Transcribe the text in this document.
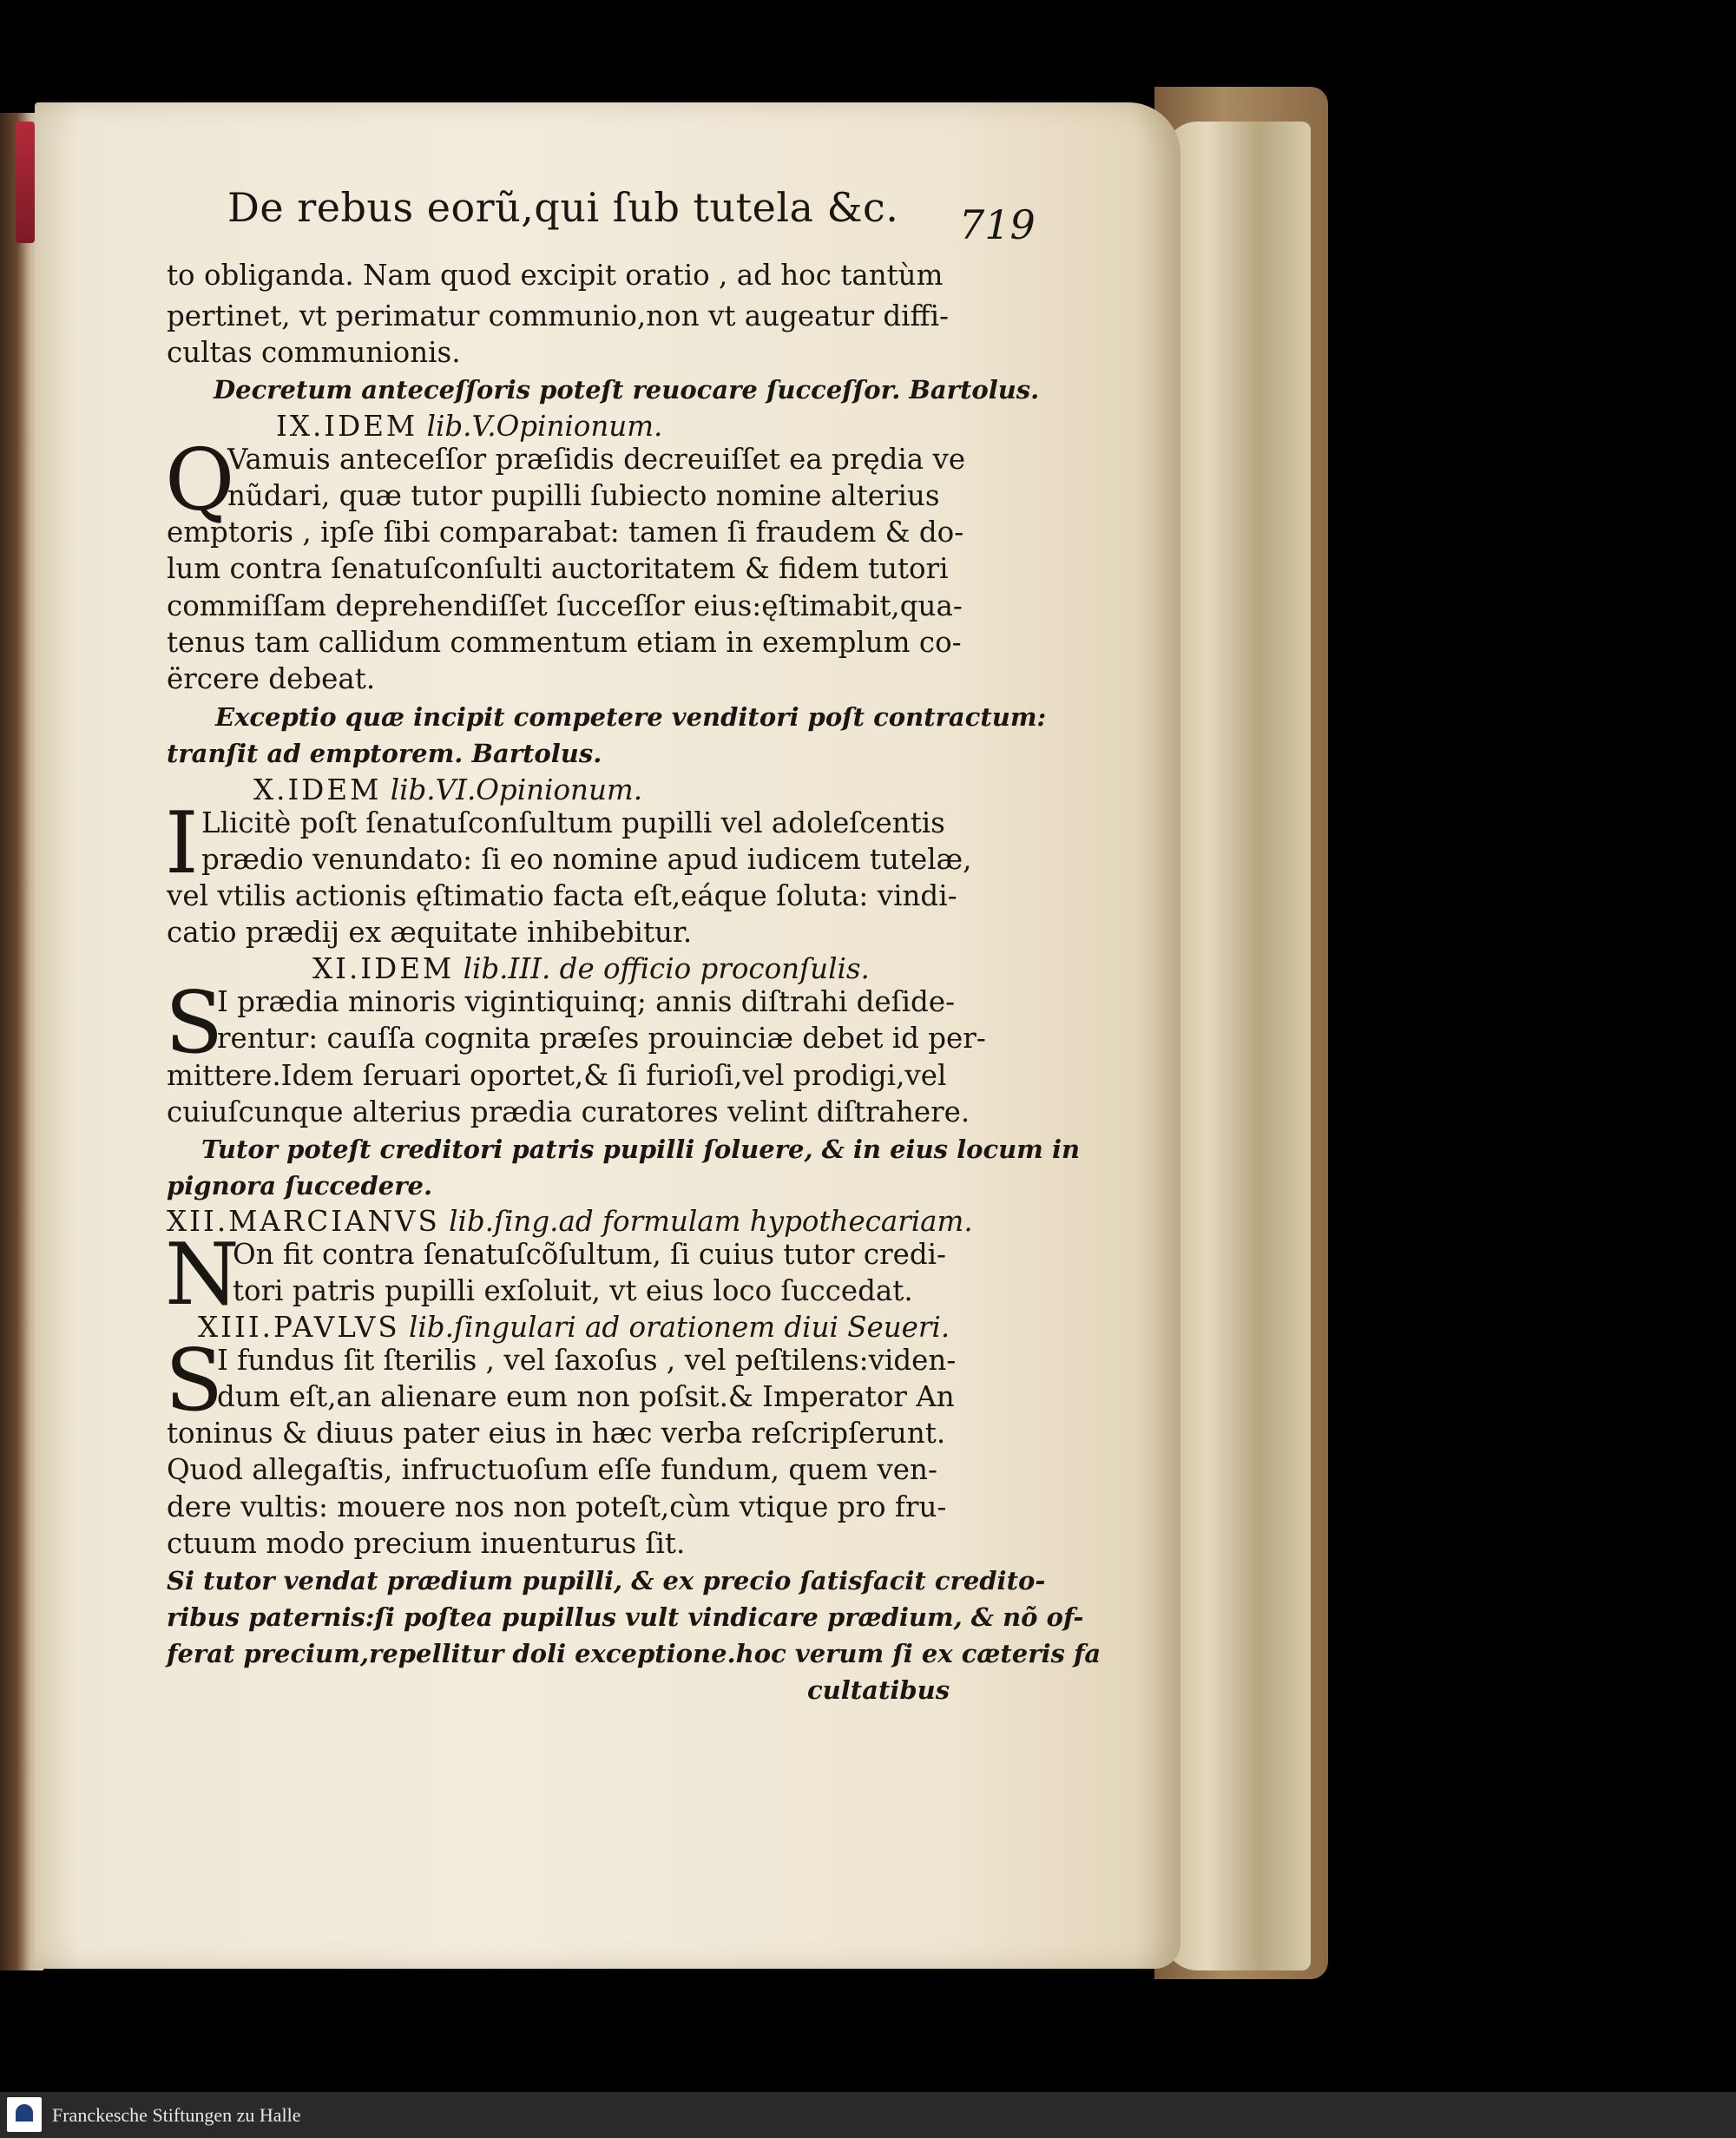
De rebus eorũ,qui ſub tutela &c. 719
to obliganda. Nam quod excipit oratio , ad hoc tantùm
pertinet, vt perimatur communio,non vt augeatur diffi-
cultas communionis.
Decretum anteceſſoris poteſt reuocare ſucceſſor. Bartolus.
IX.IDEM lib.V.Opinionum.
Q
Vamuis anteceſſor præſidis decreuiſſet ea prędia ve
nũdari, quæ tutor pupilli ſubiecto nomine alterius
emptoris , ipſe ſibi comparabat: tamen ſi fraudem & do-
lum contra ſenatuſconſulti auctoritatem & fidem tutori
commiſſam deprehendiſſet ſucceſſor eius:ęſtimabit,qua-
tenus tam callidum commentum etiam in exemplum co-
ërcere debeat.
Exceptio quæ incipit competere venditori poſt contractum:
tranſit ad emptorem. Bartolus.
X.IDEM lib.VI.Opinionum.
I Llicitè poſt ſenatuſconſultum pupilli vel adoleſcentis
prædio venundato: ſi eo nomine apud iudicem tutelæ,
vel vtilis actionis ęſtimatio facta eſt,eáque ſoluta: vindi-
catio prædij ex æquitate inhibebitur.
XI.IDEM lib.III. de officio proconſulis.
S
I prædia minoris vigintiquinq; annis diſtrahi deſide-
rentur: cauſſa cognita præſes prouinciæ debet id per-
mittere.Idem ſeruari oportet,& ſi furioſi,vel prodigi,vel
cuiuſcunque alterius prædia curatores velint diſtrahere.
Tutor poteſt creditori patris pupilli ſoluere, & in eius locum in
pignora ſuccedere.
XII.MARCIANVS lib.ſing.ad formulam hypothecariam.
N
On fit contra ſenatuſcõſultum, ſi cuius tutor credi-
tori patris pupilli exſoluit, vt eius loco ſuccedat.
XIII.PAVLVS lib.ſingulari ad orationem diui Seueri.
S
I fundus ſit ſterilis , vel ſaxoſus , vel peſtilens:viden-
dum eſt,an alienare eum non poſsit.& Imperator An
toninus & diuus pater eius in hæc verba reſcripſerunt.
Quod allegaſtis, infructuoſum eſſe fundum, quem ven-
dere vultis: mouere nos non poteſt,cùm vtique pro fru-
ctuum modo precium inuenturus ſit.
Si tutor vendat prædium pupilli, & ex precio ſatisfacit credito-
ribus paternis:ſi poſtea pupillus vult vindicare prædium, & nõ of-
ferat precium,repellitur doli exceptione.hoc verum ſi ex cæteris fa
cultatibus
Franckesche Stiftungen zu Halle
